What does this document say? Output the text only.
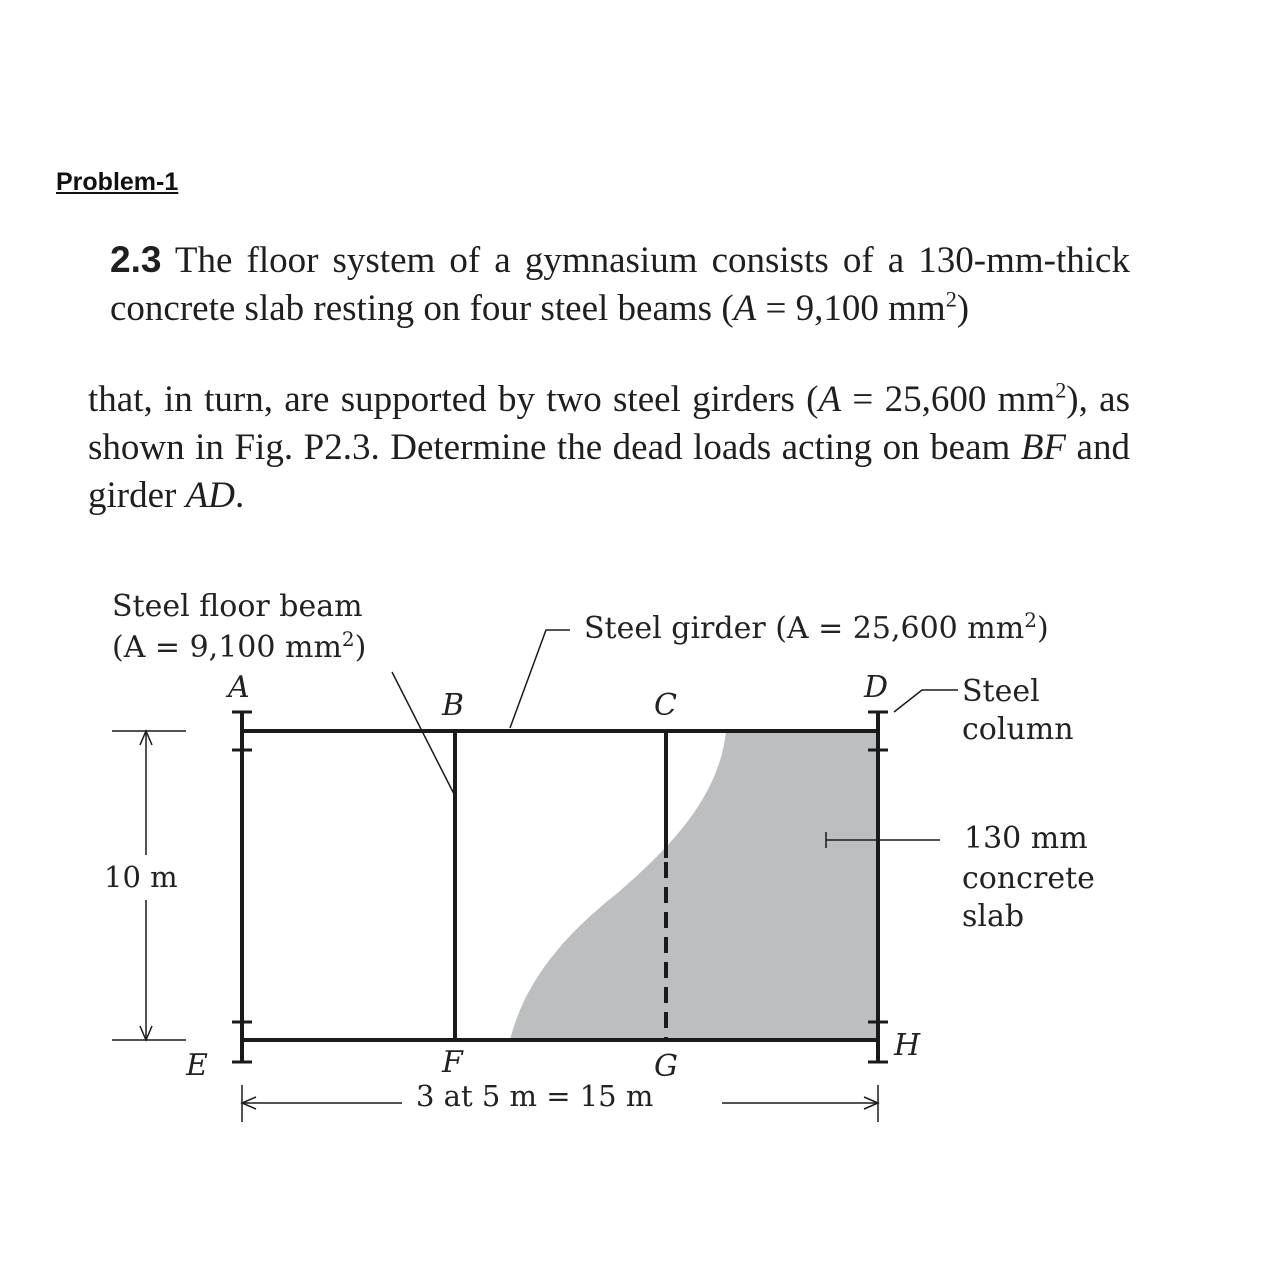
Problem-1
2.3 The floor system of a gymnasium consists of a 130-mm-thick concrete slab resting on four steel beams (A = 9,100 $mm^2$)
that, in turn, are supported by two steel girders (A = 25,600 $mm^2$), as shown in Fig. P2.3. Determine the dead loads acting on beam BF and girder AD.
10 m
3 at 5 m = 15 m
Steel floor beam
(A = 9,100 $mm^2$)
Steel girder (A = 25,600 $mm^2$)
Steel
column
130 mm
concrete
slab
A
B	C
D
E	F	G
H
